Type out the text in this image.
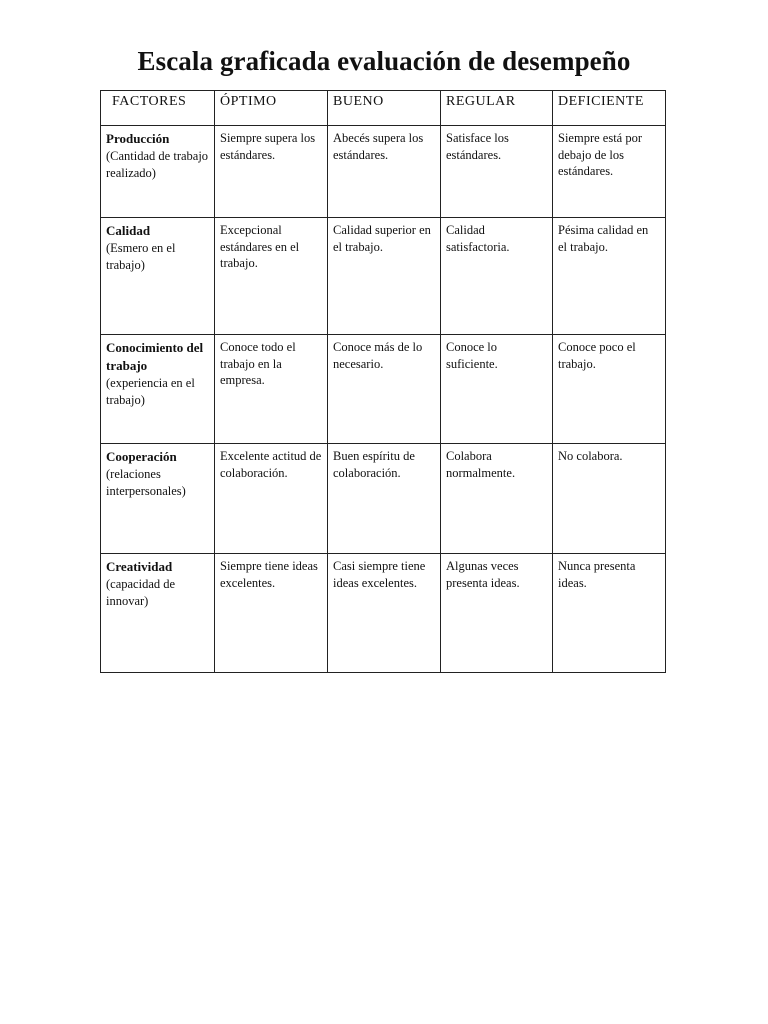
Escala graficada evaluación de desempeño
FACTORES	ÓPTIMO	BUENO	REGULAR	DEFICIENTE

Producción
(Cantidad de trabajo realizado)	Siempre supera los estándares.	Abecés supera los estándares.	Satisface los estándares.	Siempre está por debajo de los estándares.

Calidad
(Esmero en el trabajo)	Excepcional estándares en el trabajo.	Calidad superior en el trabajo.	Calidad satisfactoria.	Pésima calidad en el trabajo.

Conocimiento del trabajo
(experiencia en el trabajo)	Conoce todo el trabajo en la empresa.	Conoce más de lo necesario.	Conoce lo suficiente.	Conoce poco el trabajo.

Cooperación
(relaciones interpersonales)	Excelente actitud de colaboración.	Buen espíritu de colaboración.	Colabora normalmente.	No colabora.

Creatividad
(capacidad de innovar)	Siempre tiene ideas excelentes.	Casi siempre tiene ideas excelentes.	Algunas veces presenta ideas.	Nunca presenta ideas.
